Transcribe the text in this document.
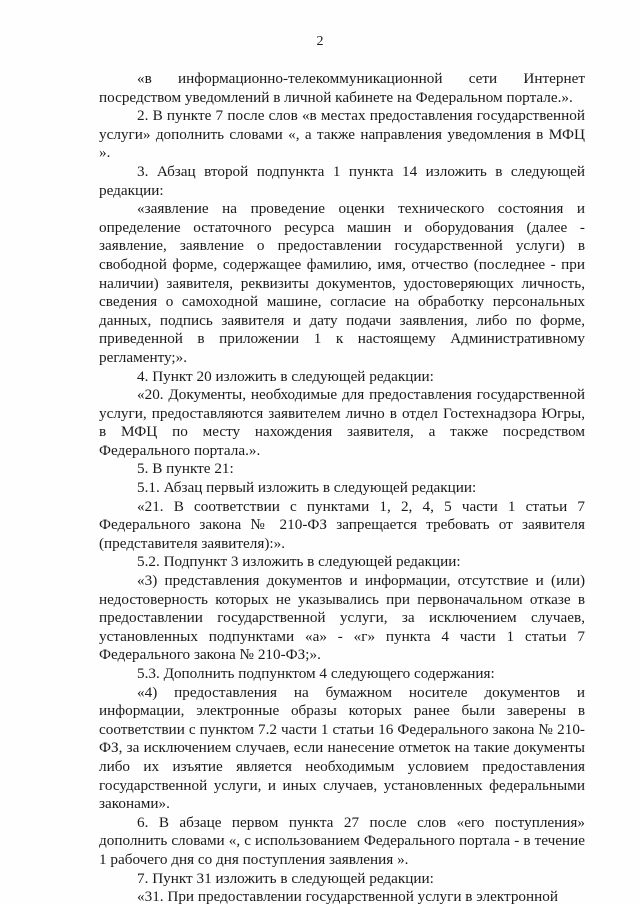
2

«в информационно-телекоммуникационной сети Интернет посредством уведомлений в личной кабинете на Федеральном портале.».

2. В пункте 7 после слов «в местах предоставления государственной услуги» дополнить словами «, а также направления уведомления в МФЦ ».

3. Абзац второй подпункта 1 пункта 14 изложить в следующей редакции:

«заявление на проведение оценки технического состояния и определение остаточного ресурса машин и оборудования (далее - заявление, заявление о предоставлении государственной услуги) в свободной форме, содержащее фамилию, имя, отчество (последнее - при наличии) заявителя, реквизиты документов, удостоверяющих личность, сведения о самоходной машине, согласие на обработку персональных данных, подпись заявителя и дату подачи заявления, либо по форме, приведенной в приложении 1 к настоящему Административному регламенту;».

4. Пункт 20 изложить в следующей редакции:

«20. Документы, необходимые для предоставления государственной услуги, предоставляются заявителем лично в отдел Гостехнадзора Югры, в МФЦ по месту нахождения заявителя, а также посредством Федерального портала.».

5. В пункте 21:

5.1. Абзац первый изложить в следующей редакции:

«21. В соответствии с пунктами 1, 2, 4, 5 части 1 статьи 7 Федерального закона № 210-ФЗ запрещается требовать от заявителя (представителя заявителя):».

5.2. Подпункт 3 изложить в следующей редакции:

«3) представления документов и информации, отсутствие и (или) недостоверность которых не указывались при первоначальном отказе в предоставлении государственной услуги, за исключением случаев, установленных подпунктами «а» - «г» пункта 4 части 1 статьи 7 Федерального закона № 210-ФЗ;».

5.3. Дополнить подпунктом 4 следующего содержания:

«4) предоставления на бумажном носителе документов и информации, электронные образы которых ранее были заверены в соответствии с пунктом 7.2 части 1 статьи 16 Федерального закона № 210-ФЗ, за исключением случаев, если нанесение отметок на такие документы либо их изъятие является необходимым условием предоставления государственной услуги, и иных случаев, установленных федеральными законами».

6. В абзаце первом пункта 27 после слов «его поступления» дополнить словами «, с использованием Федерального портала - в течение 1 рабочего дня со дня поступления заявления ».

7. Пункт 31 изложить в следующей редакции:

«31. При предоставлении государственной услуги в электронной
